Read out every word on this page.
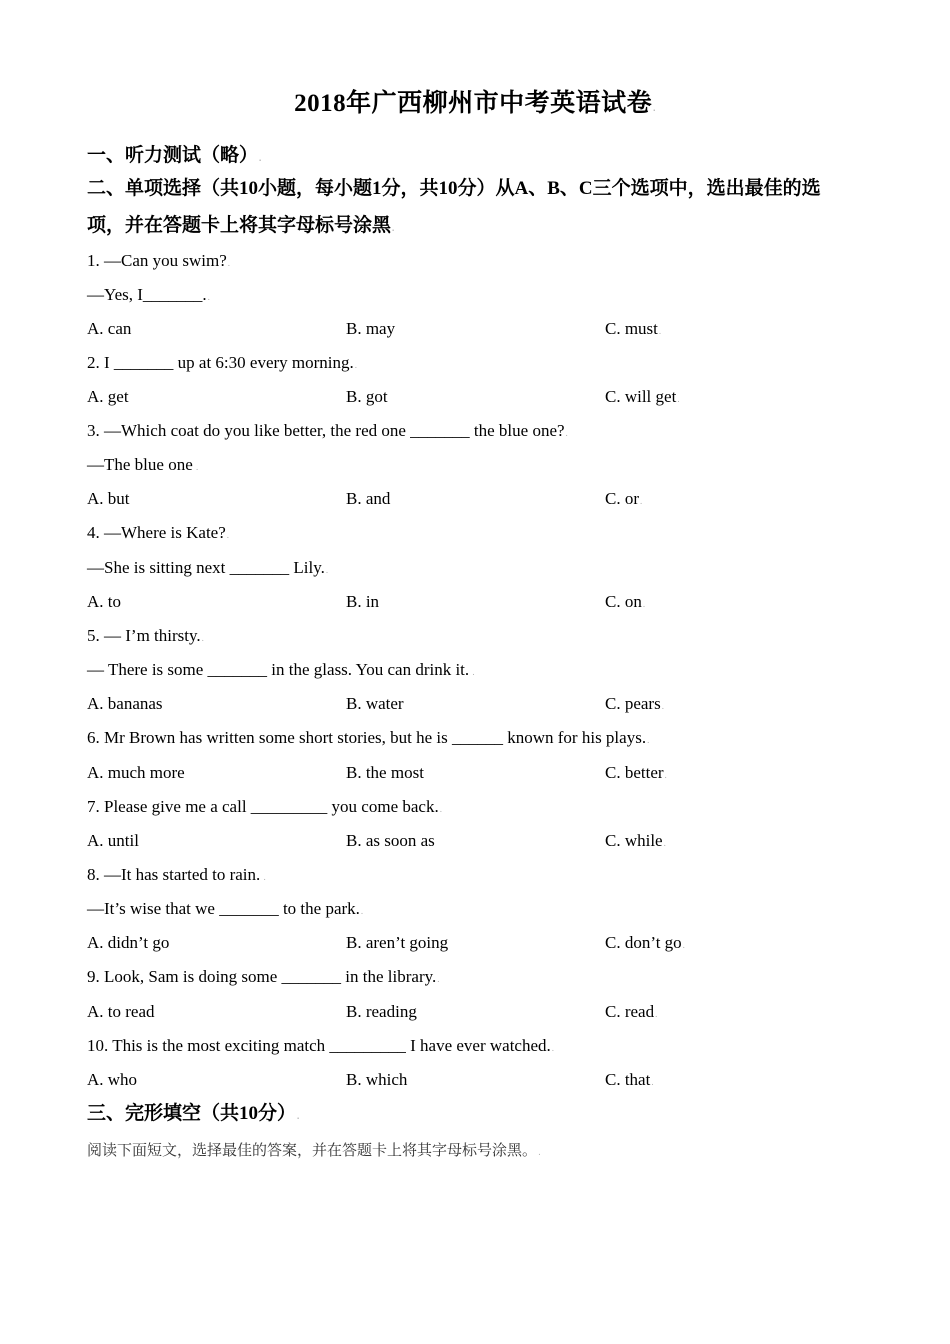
2018年广西柳州市中考英语试卷.
一、听力测试（略）.
二、单项选择（共10小题，每小题1分，共10分）从A、B、C三个选项中，选出最佳的选
项，并在答题卡上将其字母标号涂黑.
1. —Can you swim?.
—Yes, I_______..
A. can	B. may	C. must.
2. I _______ up at 6:30 every morning..
A. get	B. got	C. will get.
3. —Which coat do you like better, the red one _______ the blue one?.
—The blue one .
A. but	B. and	C. or.
4. —Where is Kate?.
—She is sitting next _______ Lily..
A. to	B. in	C. on.
5. — I’m thirsty..
— There is some _______ in the glass. You can drink it. .
A. bananas	B. water	C. pears.
6. Mr Brown has written some short stories, but he is ______ known for his plays..
A. much more	B. the most	C. better.
7. Please give me a call _________ you come back..
A. until	B. as soon as	C. while.
8. —It has started to rain. .
—It’s wise that we _______ to the park..
A. didn’t go	B. aren’t going	C. don’t go.
9. Look, Sam is doing some _______ in the library..
A. to read	B. reading	C. read.
10. This is the most exciting match _________ I have ever watched..
A. who	B. which	C. that.
三、完形填空（共10分）.
阅读下面短文，选择最佳的答案，并在答题卡上将其字母标号涂黑。.
